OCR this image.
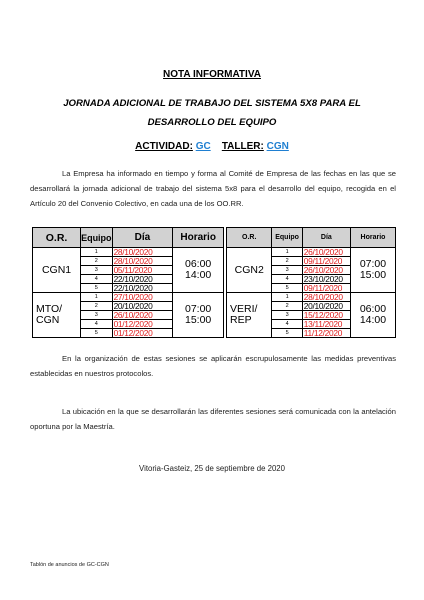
NOTA INFORMATIVA
JORNADA ADICIONAL DE TRABAJO DEL SISTEMA 5X8 PARA EL DESARROLLO DEL EQUIPO
ACTIVIDAD: GC TALLER: CGN

La Empresa ha informado en tiempo y forma al Comité de Empresa de las fechas en las que se desarrollará la jornada adicional de trabajo del sistema 5x8 para el desarrollo del equipo, recogida en el Artículo 20 del Convenio Colectivo, en cada una de los OO.RR.

O.R.	Equipo	Día	Horario
CGN1	1	28/10/2020	06:00
14:00
	2	28/10/2020	
	3	05/11/2020	
	4	22/10/2020	
	5	22/10/2020	
MTO/
CGN	1	27/10/2020	07:00
15:00
	2	20/10/2020	
	3	26/10/2020	
	4	01/12/2020	
	5	01/12/2020	
O.R.	Equipo	Día	Horario
CGN2	1	26/10/2020	07:00
15:00
	2	09/11/2020	
	3	26/10/2020	
	4	23/10/2020	
	5	09/11/2020	
VERI/
REP	1	28/10/2020	06:00
14:00
	2	20/10/2020	
	3	15/12/2020	
	4	13/11/2020	
	5	11/12/2020	

En la organización de estas sesiones se aplicarán escrupulosamente las medidas preventivas establecidas en nuestros protocolos.

La ubicación en la que se desarrollarán las diferentes sesiones será comunicada con la antelación oportuna por la Maestría.

Vitoria-Gasteiz, 25 de septiembre de 2020
Tablón de anuncios de GC-CGN
